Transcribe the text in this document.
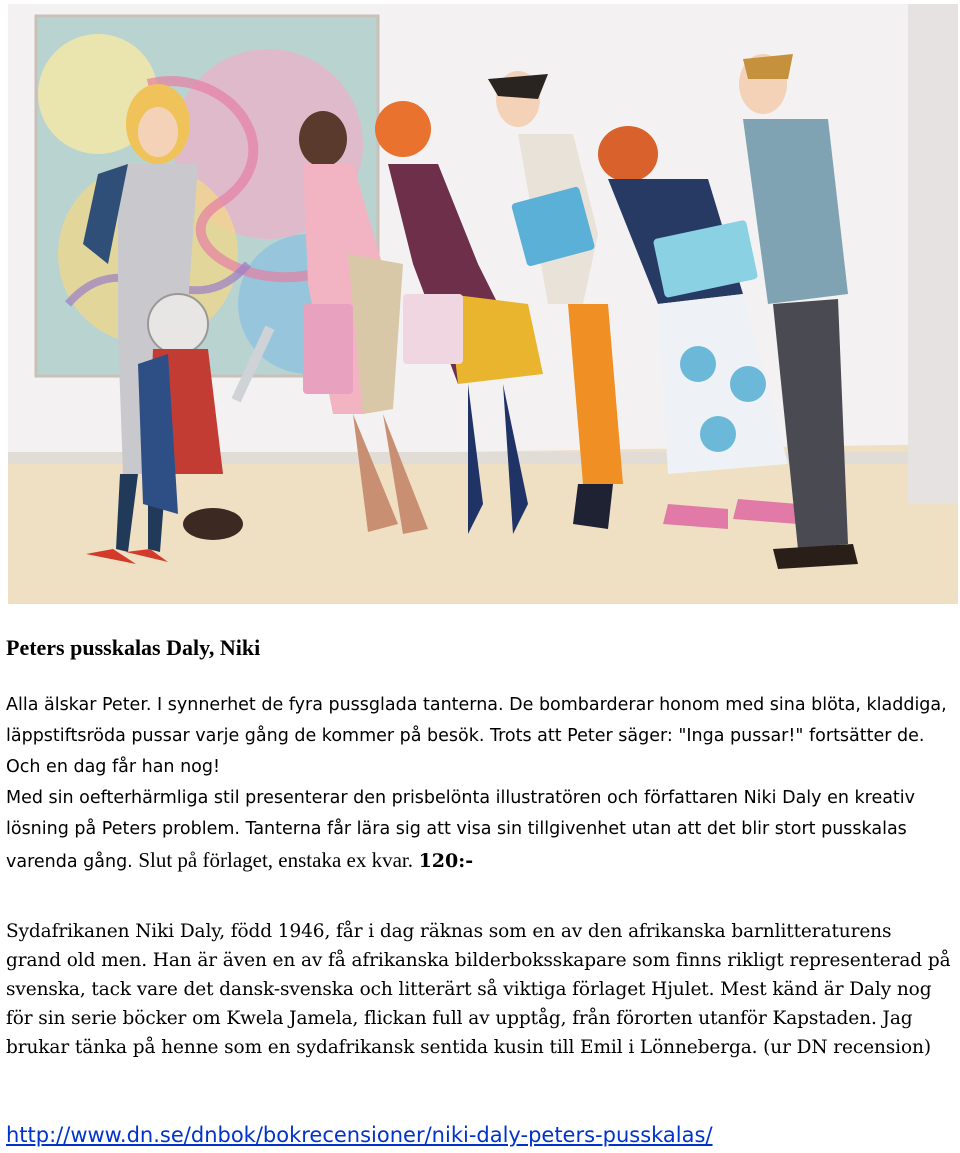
Peters pusskalas Daly, Niki
Alla älskar Peter. I synnerhet de fyra pussglada tanterna. De bombarderar honom med sina blöta, kladdiga, läppstiftsröda pussar varje gång de kommer på besök. Trots att Peter säger: "Inga pussar!" fortsätter de. Och en dag får han nog!
Med sin oefterhärmliga stil presenterar den prisbelönta illustratören och författaren Niki Daly en kreativ lösning på Peters problem. Tanterna får lära sig att visa sin tillgivenhet utan att det blir stort pusskalas varenda gång. Slut på förlaget, enstaka ex kvar. 120:-
Sydafrikanen Niki Daly, född 1946, får i dag räknas som en av den afrikanska barnlitteraturens grand old men. Han är även en av få afrikanska bilderboksskapare som finns rikligt representerad på svenska, tack vare det dansk-svenska och litterärt så viktiga förlaget Hjulet. Mest känd är Daly nog för sin serie böcker om Kwela Jamela, flickan full av upptåg, från förorten utanför Kapstaden. Jag brukar tänka på henne som en sydafrikansk sentida kusin till Emil i Lönneberga. (ur DN recension)
http://www.dn.se/dnbok/bokrecensioner/niki-daly-peters-pusskalas/
